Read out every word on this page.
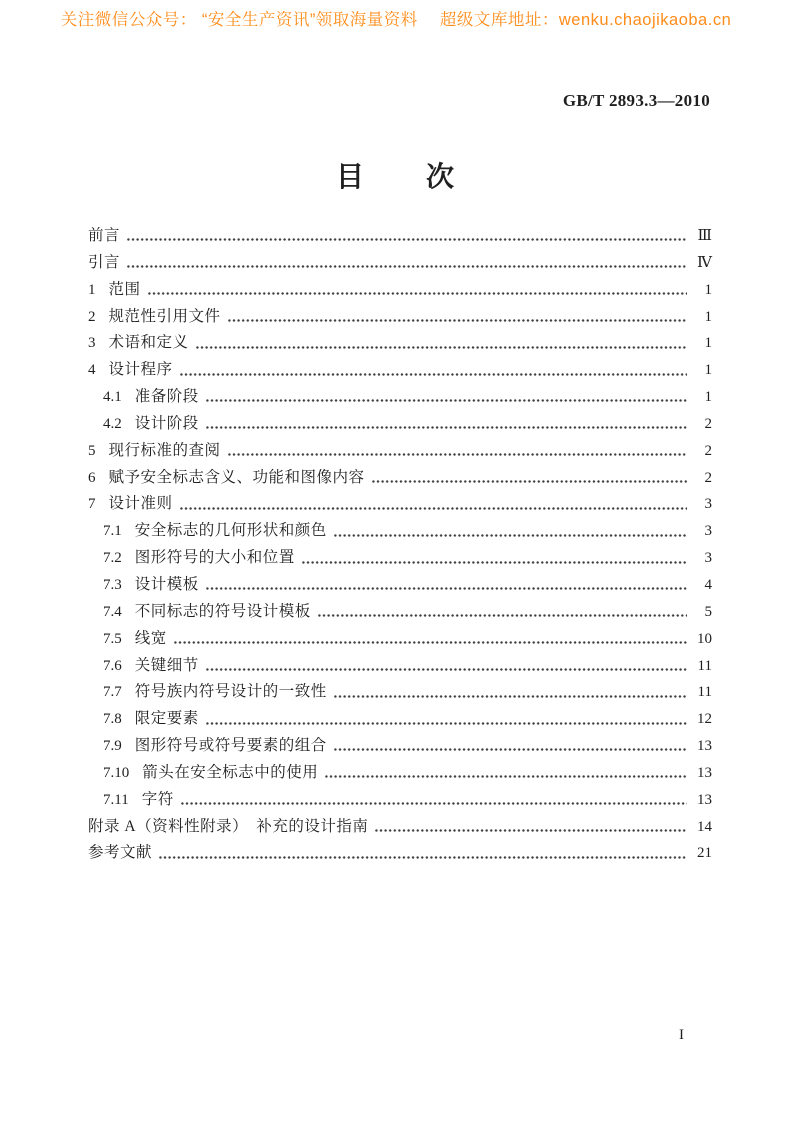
关注微信公众号： “安全生产资讯”领取海量资料　 超级文库地址：wenku.chaojikaoba.cn
GB/T 2893.3—2010
目　　次
前言	Ⅲ
引言	Ⅳ
1 范围	1
2 规范性引用文件	1
3 术语和定义	1
4 设计程序	1
4.1 准备阶段	1
4.2 设计阶段	2
5 现行标准的查阅	2
6 赋予安全标志含义、功能和图像内容	2
7 设计准则	3
7.1 安全标志的几何形状和颜色	3
7.2 图形符号的大小和位置	3
7.3 设计模板	4
7.4 不同标志的符号设计模板	5
7.5 线宽	10
7.6 关键细节	11
7.7 符号族内符号设计的一致性	11
7.8 限定要素	12
7.9 图形符号或符号要素的组合	13
7.10 箭头在安全标志中的使用	13
7.11 字符	13
附录 A（资料性附录）　补充的设计指南	14
参考文献	21
I
